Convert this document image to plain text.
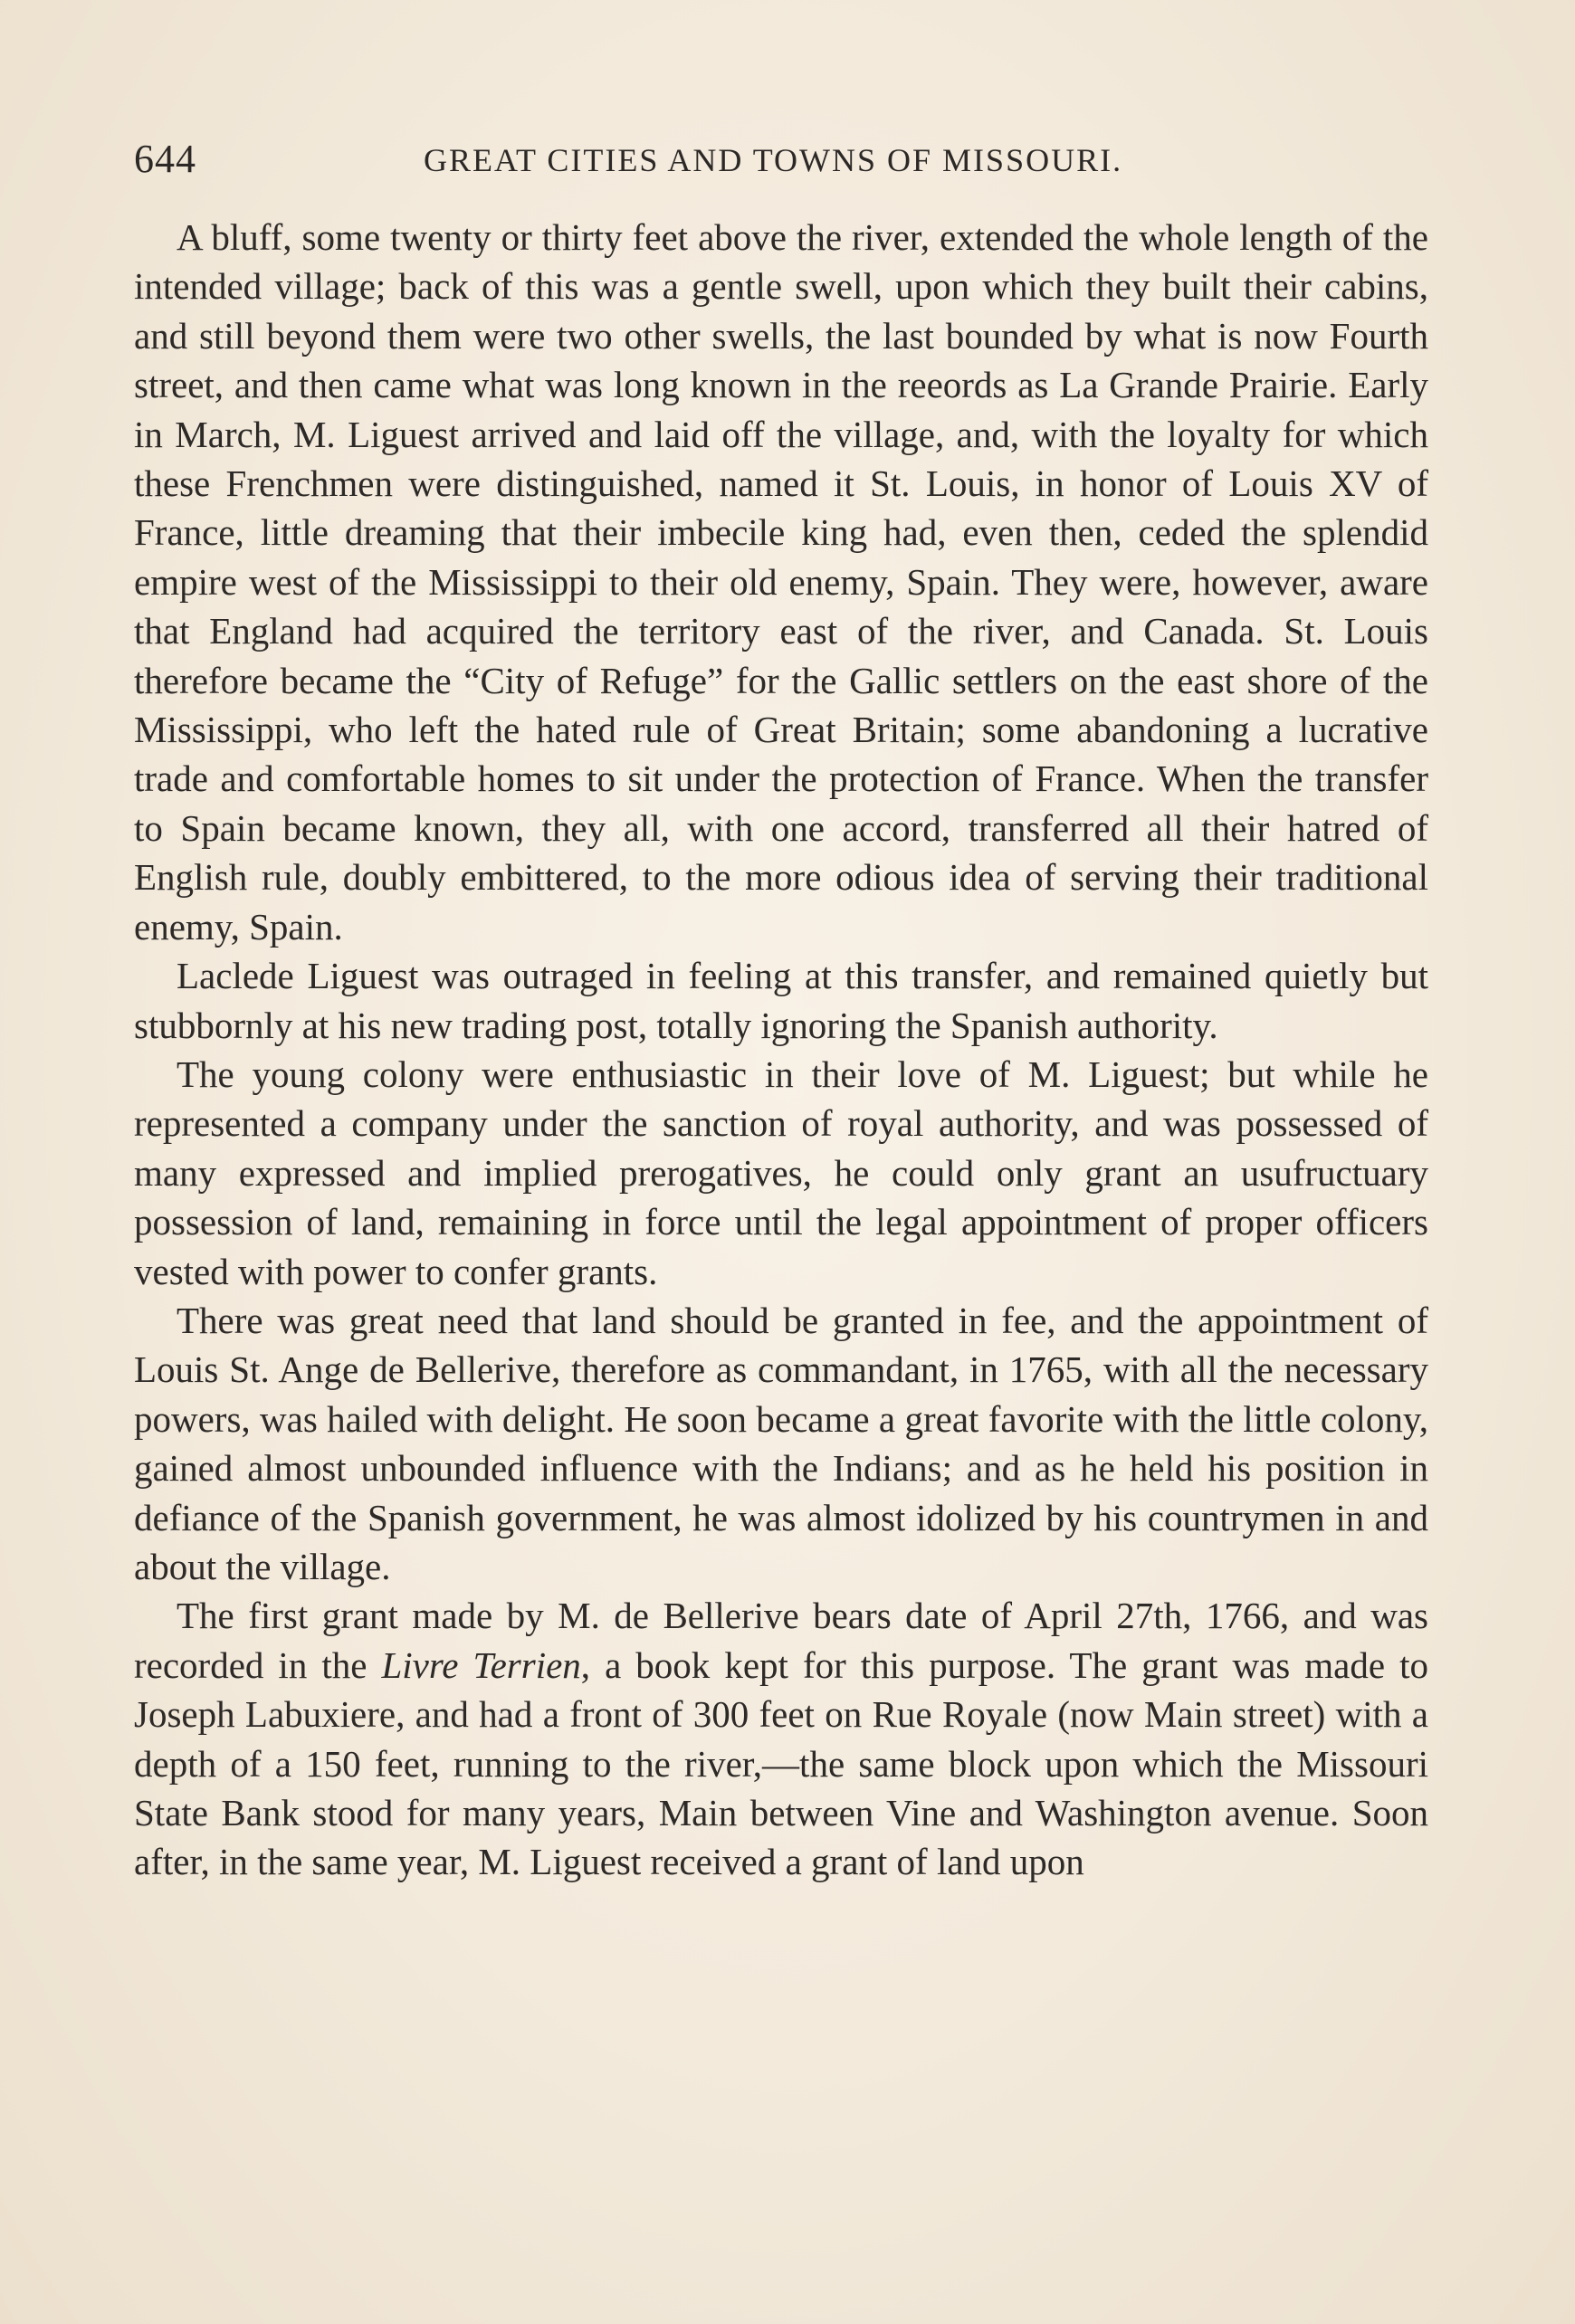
644	GREAT CITIES AND TOWNS OF MISSOURI.

A bluff, some twenty or thirty feet above the river, extended the whole length of the intended village; back of this was a gentle swell, upon which they built their cabins, and still beyond them were two other swells, the last bounded by what is now Fourth street, and then came what was long known in the reeords as La Grande Prairie. Early in March, M. Liguest arrived and laid off the village, and, with the loyalty for which these Frenchmen were distinguished, named it St. Louis, in honor of Louis XV of France, little dreaming that their imbecile king had, even then, ceded the splendid empire west of the Mississippi to their old enemy, Spain. They were, however, aware that England had acquired the territory east of the river, and Canada. St. Louis therefore became the “City of Refuge” for the Gallic settlers on the east shore of the Mississippi, who left the hated rule of Great Britain; some abandoning a lucrative trade and comfortable homes to sit under the protection of France. When the transfer to Spain became known, they all, with one accord, transferred all their hatred of English rule, doubly embittered, to the more odious idea of serving their traditional enemy, Spain.

Laclede Liguest was outraged in feeling at this transfer, and remained quietly but stubbornly at his new trading post, totally ignoring the Spanish authority.

The young colony were enthusiastic in their love of M. Liguest; but while he represented a company under the sanction of royal authority, and was possessed of many expressed and implied prerogatives, he could only grant an usufructuary possession of land, remaining in force until the legal appointment of proper officers vested with power to confer grants.

There was great need that land should be granted in fee, and the appointment of Louis St. Ange de Bellerive, therefore as commandant, in 1765, with all the necessary powers, was hailed with delight. He soon became a great favorite with the little colony, gained almost unbounded influence with the Indians; and as he held his position in defiance of the Spanish government, he was almost idolized by his countrymen in and about the village.

The first grant made by M. de Bellerive bears date of April 27th, 1766, and was recorded in the Livre Terrien, a book kept for this purpose. The grant was made to Joseph Labuxiere, and had a front of 300 feet on Rue Royale (now Main street) with a depth of a 150 feet, running to the river,—the same block upon which the Missouri State Bank stood for many years, Main between Vine and Washington avenue. Soon after, in the same year, M. Liguest received a grant of land upon
